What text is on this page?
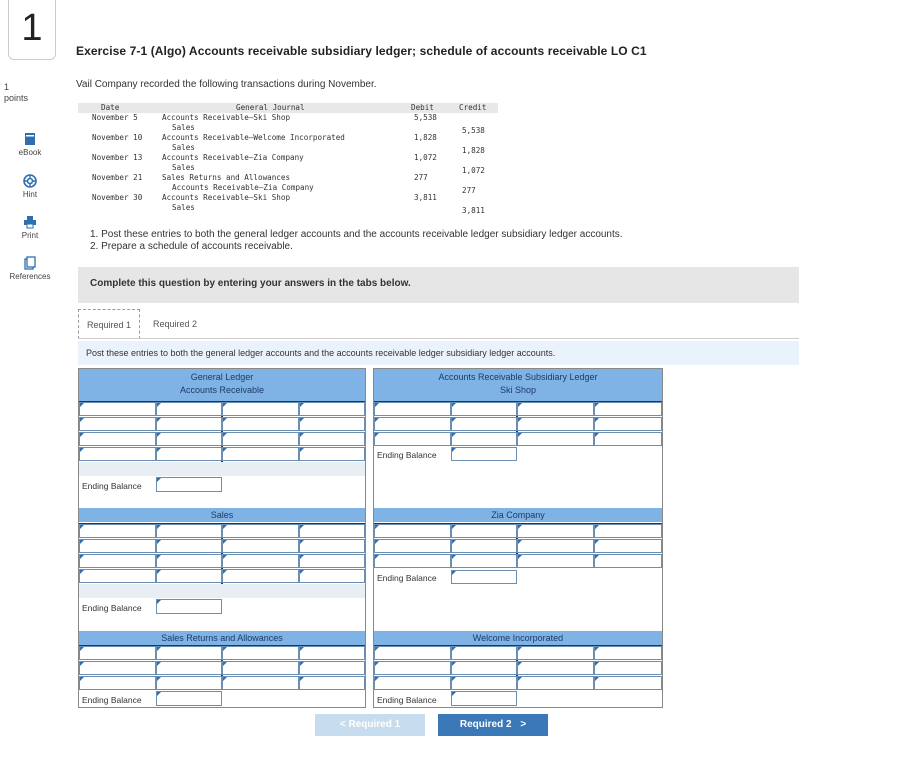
1
1
points
eBook
Hint
Print
References
Exercise 7-1 (Algo) Accounts receivable subsidiary ledger; schedule of accounts receivable LO C1
Vail Company recorded the following transactions during November.
Date	General Journal	Debit	Credit
November 5	Accounts Receivable—Ski Shop	5,538
Sales	5,538
November 10	Accounts Receivable—Welcome Incorporated	1,828
Sales	1,828
November 13	Accounts Receivable—Zia Company	1,072
Sales	1,072
November 21	Sales Returns and Allowances	277
Accounts Receivable—Zia Company	277
November 30	Accounts Receivable—Ski Shop	3,811
Sales	3,811
1. Post these entries to both the general ledger accounts and the accounts receivable ledger subsidiary ledger accounts.
2. Prepare a schedule of accounts receivable.
Complete this question by entering your answers in the tabs below.
Required 1	Required 2
Post these entries to both the general ledger accounts and the accounts receivable ledger subsidiary ledger accounts.
General Ledger
Accounts Receivable
Accounts Receivable Subsidiary Ledger
Ski Shop
Sales	Zia Company
Sales Returns and Allowances	Welcome Incorporated
Ending Balance
Ending Balance
Ending Balance
Ending Balance
Ending Balance
Ending Balance
< Required 1	Required 2 >
